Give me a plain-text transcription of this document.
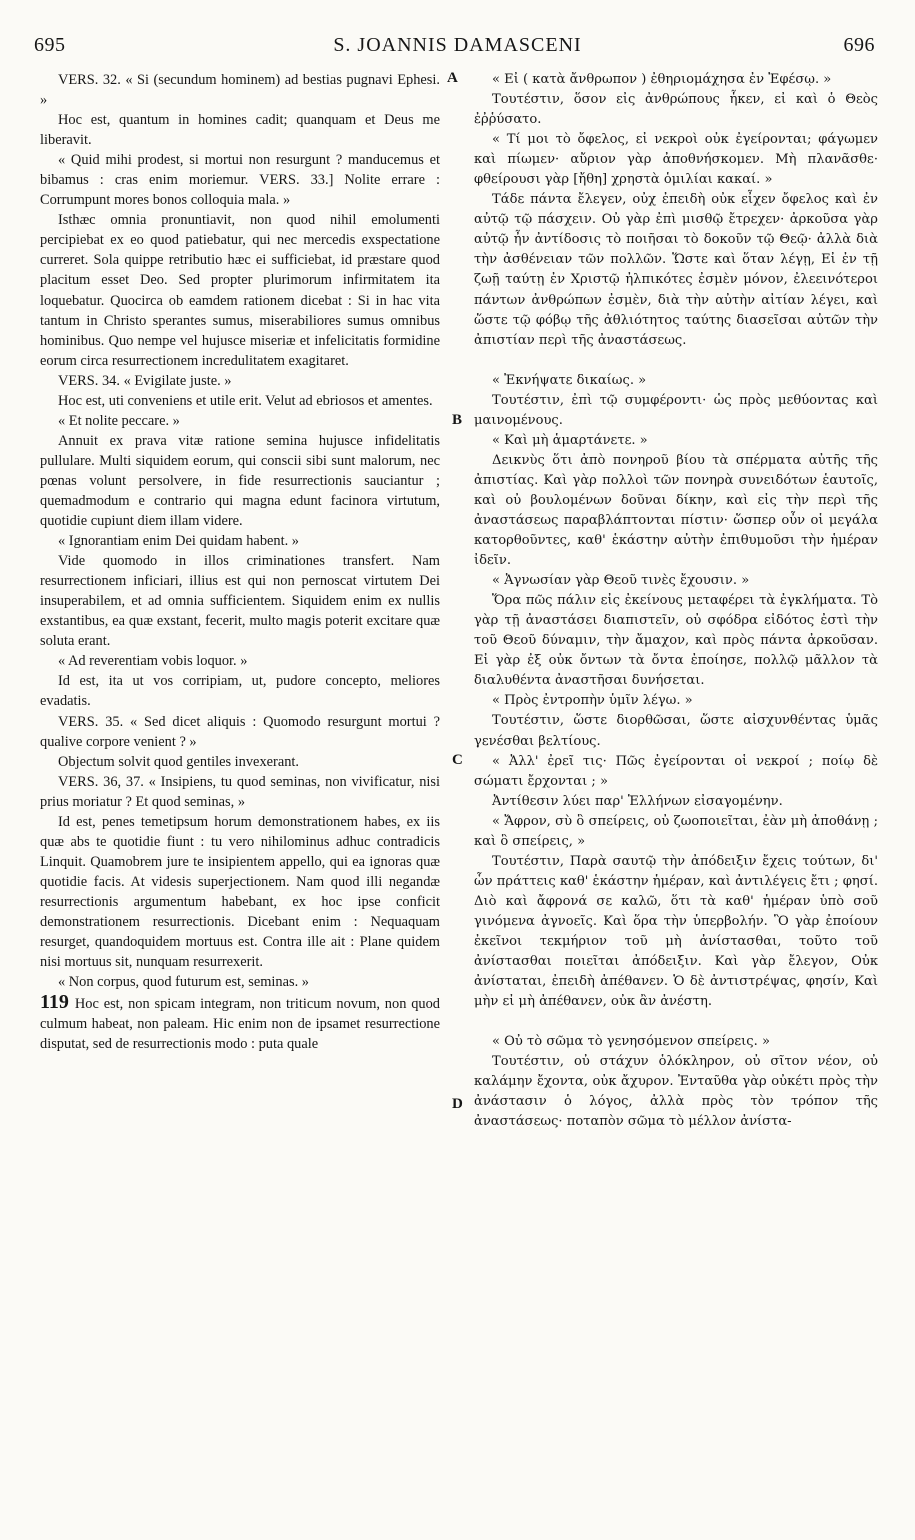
695	S. JOANNIS DAMASCENI	696

VERS. 32. « Si (secundum hominem) ad bestias pugnavi Ephesi. »

Hoc est, quantum in homines cadit; quanquam et Deus me liberavit.

« Quid mihi prodest, si mortui non resurgunt ? manducemus et bibamus : cras enim moriemur. VERS. 33.] Nolite errare : Corrumpunt mores bonos colloquia mala. »

Isthæc omnia pronuntiavit, non quod nihil emolumenti percipiebat ex eo quod patiebatur, qui nec mercedis exspectatione curreret. Sola quippe retributio hæc ei sufficiebat, id præstare quod placitum esset Deo. Sed propter plurimorum infirmitatem ita loquebatur. Quocirca ob eamdem rationem dicebat : Si in hac vita tantum in Christo sperantes sumus, miserabiliores sumus omnibus hominibus. Quo nempe vel hujusce miseriæ et infelicitatis formidine eorum circa resurrectionem incredulitatem exagitaret.

VERS. 34. « Evigilate juste. »

Hoc est, uti conveniens et utile erit. Velut ad ebriosos et amentes.

« Et nolite peccare. »

Annuit ex prava vitæ ratione semina hujusce infidelitatis pullulare. Multi siquidem eorum, qui conscii sibi sunt malorum, nec pœnas volunt persolvere, in fide resurrectionis sauciantur ; quemadmodum e contrario qui magna edunt facinora virtutum, quotidie cupiunt diem illam videre.

« Ignorantiam enim Dei quidam habent. »

Vide quomodo in illos criminationes transfert. Nam resurrectionem inficiari, illius est qui non pernoscat virtutem Dei insuperabilem, et ad omnia sufficientem. Siquidem enim ex nullis exstantibus, ea quæ exstant, fecerit, multo magis poterit excitare quæ soluta erant.

« Ad reverentiam vobis loquor. »

Id est, ita ut vos corripiam, ut, pudore concepto, meliores evadatis.

VERS. 35. « Sed dicet aliquis : Quomodo resurgunt mortui ? qualive corpore venient ? »

Objectum solvit quod gentiles invexerant.

VERS. 36, 37. « Insipiens, tu quod seminas, non vivificatur, nisi prius moriatur ? Et quod seminas, »

Id est, penes temetipsum horum demonstrationem habes, ex iis quæ abs te quotidie fiunt : tu vero nihilominus adhuc contradicis Linquit. Quamobrem jure te insipientem appello, qui ea ignoras quæ quotidie facis. At videsis superjectionem. Nam quod illi negandæ resurrectionis argumentum habebant, ex hoc ipse conficit demonstrationem resurrectionis. Dicebant enim : Nequaquam resurget, quandoquidem mortuus est. Contra ille ait : Plane quidem nisi mortuus sit, nunquam resurrexerit.

« Non corpus, quod futurum est, seminas. »

119 Hoc est, non spicam integram, non triticum novum, non quod culmum habeat, non paleam. Hic enim non de ipsamet resurrectione disputat, sed de resurrectionis modo : puta quale

« Εἰ ( κατὰ ἄνθρωπον ) ἐθηριομάχησα ἐν Ἐφέσῳ. »

Τουτέστιν, ὅσον εἰς ἀνθρώπους ἧκεν, εἰ καὶ ὁ Θεὸς ἐῤῥύσατο.

« Τί μοι τὸ ὄφελος, εἰ νεκροὶ οὐκ ἐγείρονται; φάγωμεν καὶ πίωμεν· αὔριον γὰρ ἀποθνήσκομεν. Μὴ πλανᾶσθε· φθείρουσι γὰρ [ἤθη] χρηστὰ ὁμιλίαι κακαί. »

Τάδε πάντα ἔλεγεν, οὐχ ἐπειδὴ οὐκ εἶχεν ὄφελος καὶ ἐν αὐτῷ τῷ πάσχειν. Οὐ γὰρ ἐπὶ μισθῷ ἔτρεχεν· ἀρκοῦσα γὰρ αὐτῷ ἦν ἀντίδοσις τὸ ποιῆσαι τὸ δοκοῦν τῷ Θεῷ· ἀλλὰ διὰ τὴν ἀσθένειαν τῶν πολλῶν. Ὥστε καὶ ὅταν λέγῃ, Εἰ ἐν τῇ ζωῇ ταύτῃ ἐν Χριστῷ ἠλπικότες ἐσμὲν μόνον, ἐλεεινότεροι πάντων ἀνθρώπων ἐσμὲν, διὰ τὴν αὐτὴν αἰτίαν λέγει, καὶ ὥστε τῷ φόβῳ τῆς ἀθλιότητος ταύτης διασεῖσαι αὐτῶν τὴν ἀπιστίαν περὶ τῆς ἀναστάσεως.

« Ἐκνήψατε δικαίως. »

Τουτέστιν, ἐπὶ τῷ συμφέροντι· ὡς πρὸς μεθύοντας καὶ μαινομένους.

« Καὶ μὴ ἁμαρτάνετε. »

Δεικνὺς ὅτι ἀπὸ πονηροῦ βίου τὰ σπέρματα αὐτῆς τῆς ἀπιστίας. Καὶ γὰρ πολλοὶ τῶν πονηρὰ συνειδότων ἑαυτοῖς, καὶ οὐ βουλομένων δοῦναι δίκην, καὶ εἰς τὴν περὶ τῆς ἀναστάσεως παραβλάπτονται πίστιν· ὥσπερ οὖν οἱ μεγάλα κατορθοῦντες, καθ' ἑκάστην αὐτὴν ἐπιθυμοῦσι τὴν ἡμέραν ἰδεῖν.

« Ἀγνωσίαν γὰρ Θεοῦ τινὲς ἔχουσιν. »

Ὅρα πῶς πάλιν εἰς ἐκείνους μεταφέρει τὰ ἐγκλήματα. Τὸ γὰρ τῇ ἀναστάσει διαπιστεῖν, οὐ σφόδρα εἰδότος ἐστὶ τὴν τοῦ Θεοῦ δύναμιν, τὴν ἄμαχον, καὶ πρὸς πάντα ἀρκοῦσαν. Εἰ γὰρ ἐξ οὐκ ὄντων τὰ ὄντα ἐποίησε, πολλῷ μᾶλλον τὰ διαλυθέντα ἀναστῆσαι δυνήσεται.

« Πρὸς ἐντροπὴν ὑμῖν λέγω. »

Τουτέστιν, ὥστε διορθῶσαι, ὥστε αἰσχυνθέντας ὑμᾶς γενέσθαι βελτίους.

« Ἀλλ' ἐρεῖ τις· Πῶς ἐγείρονται οἱ νεκροί ; ποίῳ δὲ σώματι ἔρχονται ; »

Ἀντίθεσιν λύει παρ' Ἑλλήνων εἰσαγομένην.

« Ἄφρον, σὺ ὃ σπείρεις, οὐ ζωοποιεῖται, ἐὰν μὴ ἀποθάνῃ ; καὶ ὃ σπείρεις, »

Τουτέστιν, Παρὰ σαυτῷ τὴν ἀπόδειξιν ἔχεις τούτων, δι' ὧν πράττεις καθ' ἑκάστην ἡμέραν, καὶ ἀντιλέγεις ἔτι ; φησί. Διὸ καὶ ἄφρονά σε καλῶ, ὅτι τὰ καθ' ἡμέραν ὑπὸ σοῦ γινόμενα ἀγνοεῖς. Καὶ ὅρα τὴν ὑπερβολήν. Ὃ γὰρ ἐποίουν ἐκεῖνοι τεκμήριον τοῦ μὴ ἀνίστασθαι, τοῦτο τοῦ ἀνίστασθαι ποιεῖται ἀπόδειξιν. Καὶ γὰρ ἔλεγον, Οὐκ ἀνίσταται, ἐπειδὴ ἀπέθανεν. Ὁ δὲ ἀντιστρέψας, φησίν, Καὶ μὴν εἰ μὴ ἀπέθανεν, οὐκ ἂν ἀνέστη.

« Οὐ τὸ σῶμα τὸ γενησόμενον σπείρεις. »

Τουτέστιν, οὐ στάχυν ὁλόκληρον, οὐ σῖτον νέον, οὐ καλάμην ἔχοντα, οὐκ ἄχυρον. Ἐνταῦθα γὰρ οὐκέτι πρὸς τὴν ἀνάστασιν ὁ λόγος, ἀλλὰ πρὸς τὸν τρόπον τῆς ἀναστάσεως· ποταπὸν σῶμα τὸ μέλλον ἀνίστα-

A
B
C
D
